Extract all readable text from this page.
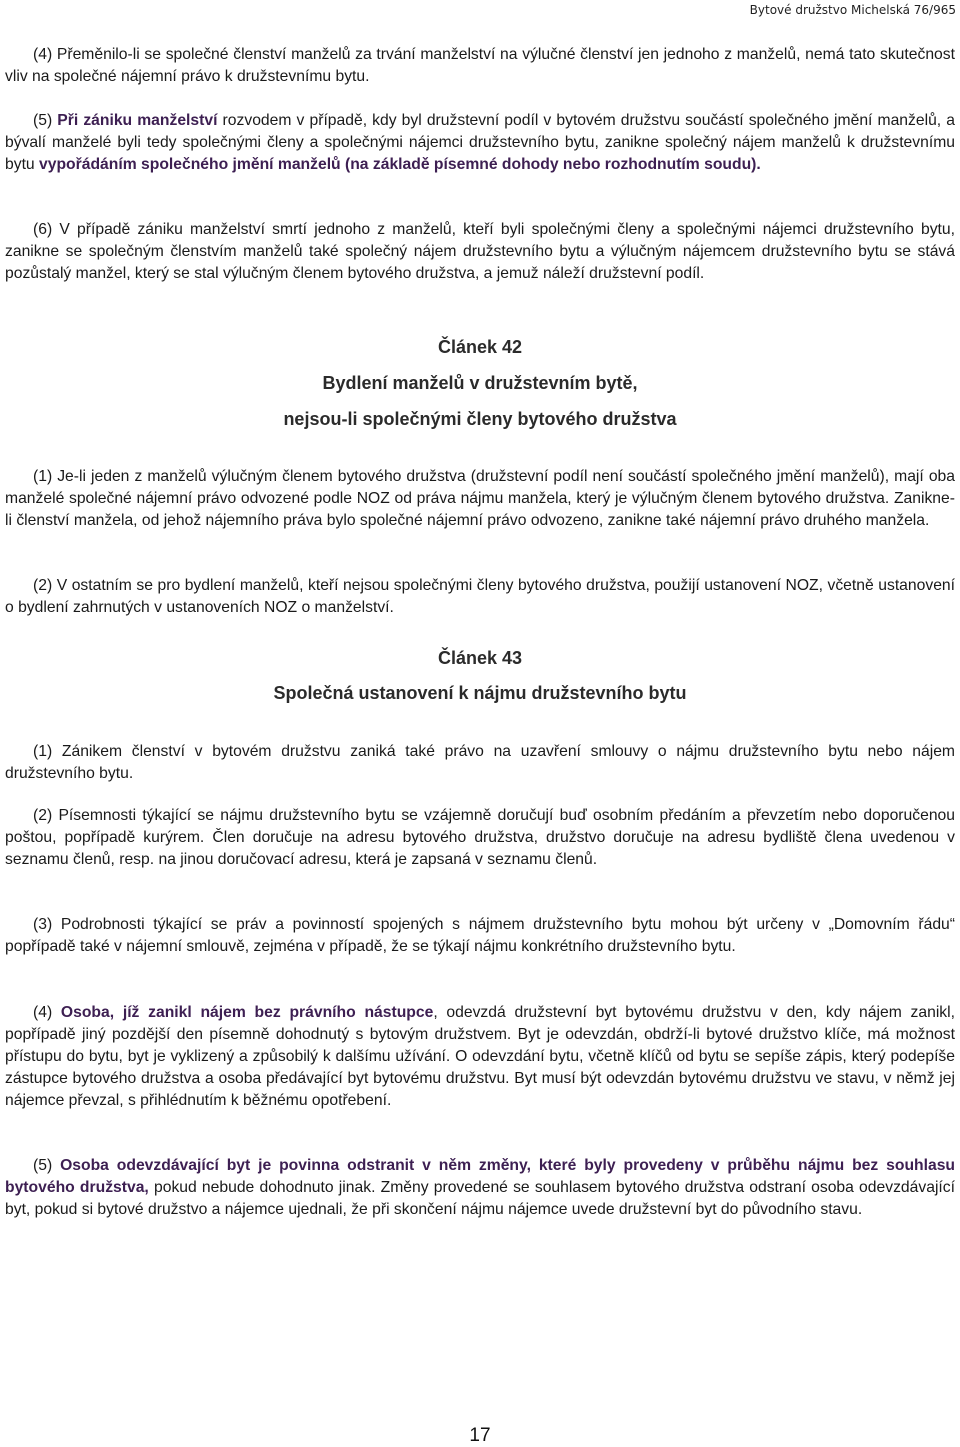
Bytové družstvo Michelská 76/965

(4) Přeměnilo-li se společné členství manželů za trvání manželství na výlučné členství jen jednoho z manželů, nemá tato skutečnost vliv na společné nájemní právo k družstevnímu bytu.

(5) Při zániku manželství rozvodem v případě, kdy byl družstevní podíl v bytovém družstvu součástí společného jmění manželů, a bývalí manželé byli tedy společnými členy a společnými nájemci družstevního bytu, zanikne společný nájem manželů k družstevnímu bytu vypořádáním společného jmění manželů (na základě písemné dohody nebo rozhodnutím soudu).

(6) V případě zániku manželství smrtí jednoho z manželů, kteří byli společnými členy a společnými nájemci družstevního bytu, zanikne se společným členstvím manželů také společný nájem družstevního bytu a výlučným nájemcem družstevního bytu se stává pozůstalý manžel, který se stal výlučným členem bytového družstva, a jemuž náleží družstevní podíl.

Článek 42
Bydlení manželů v družstevním bytě,
nejsou-li společnými členy bytového družstva

(1) Je-li jeden z manželů výlučným členem bytového družstva (družstevní podíl není součástí společného jmění manželů), mají oba manželé společné nájemní právo odvozené podle NOZ od práva nájmu manžela, který je výlučným členem bytového družstva. Zanikne-li členství manžela, od jehož nájemního práva bylo společné nájemní právo odvozeno, zanikne také nájemní právo druhého manžela.

(2) V ostatním se pro bydlení manželů, kteří nejsou společnými členy bytového družstva, použijí ustanovení NOZ, včetně ustanovení o bydlení zahrnutých v ustanoveních NOZ o manželství.

Článek 43
Společná ustanovení k nájmu družstevního bytu

(1) Zánikem členství v bytovém družstvu zaniká také právo na uzavření smlouvy o nájmu družstevního bytu nebo nájem družstevního bytu.

(2) Písemnosti týkající se nájmu družstevního bytu se vzájemně doručují buď osobním předáním a převzetím nebo doporučenou poštou, popřípadě kurýrem. Člen doručuje na adresu bytového družstva, družstvo doručuje na adresu bydliště člena uvedenou v seznamu členů, resp. na jinou doručovací adresu, která je zapsaná v seznamu členů.

(3) Podrobnosti týkající se práv a povinností spojených s nájmem družstevního bytu mohou být určeny v „Domovním řádu“ popřípadě také v nájemní smlouvě, zejména v případě, že se týkají nájmu konkrétního družstevního bytu.

(4) Osoba, jíž zanikl nájem bez právního nástupce, odevzdá družstevní byt bytovému družstvu v den, kdy nájem zanikl, popřípadě jiný pozdější den písemně dohodnutý s bytovým družstvem. Byt je odevzdán, obdrží-li bytové družstvo klíče, má možnost přístupu do bytu, byt je vyklizený a způsobilý k dalšímu užívání. O odevzdání bytu, včetně klíčů od bytu se sepíše zápis, který podepíše zástupce bytového družstva a osoba předávající byt bytovému družstvu. Byt musí být odevzdán bytovému družstvu ve stavu, v němž jej nájemce převzal, s přihlédnutím k běžnému opotřebení.

(5) Osoba odevzdávající byt je povinna odstranit v něm změny, které byly provedeny v průběhu nájmu bez souhlasu bytového družstva, pokud nebude dohodnuto jinak. Změny provedené se souhlasem bytového družstva odstraní osoba odevzdávající byt, pokud si bytové družstvo a nájemce ujednali, že při skončení nájmu nájemce uvede družstevní byt do původního stavu.

17
